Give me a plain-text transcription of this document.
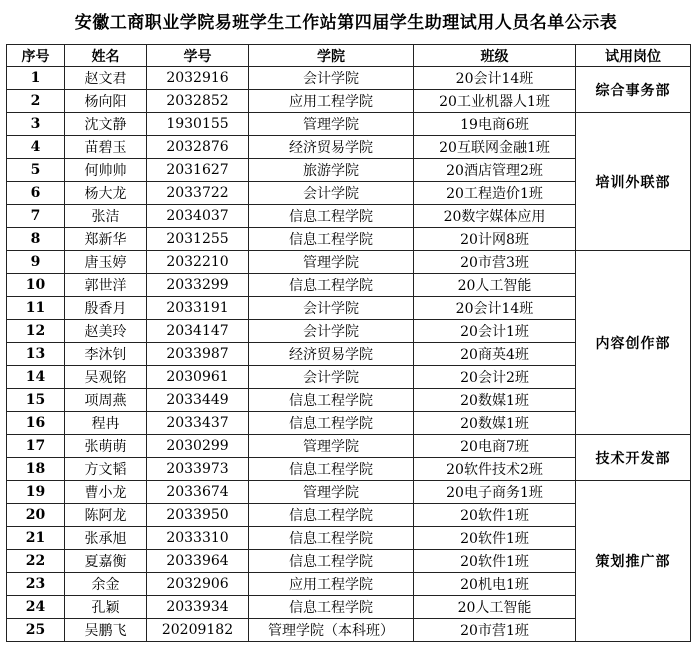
安徽工商职业学院易班学生工作站第四届学生助理试用人员名单公示表
序号	姓名	学号	学院	班级	试用岗位
1	赵文君	2032916	会计学院	20会计14班	综合事务部
2	杨向阳	2032852	应用工程学院	20工业机器人1班	
3	沈文静	1930155	管理学院	19电商6班	培训外联部
4	苗碧玉	2032876	经济贸易学院	20互联网金融1班	
5	何帅帅	2031627	旅游学院	20酒店管理2班	
6	杨大龙	2033722	会计学院	20工程造价1班	
7	张洁	2034037	信息工程学院	20数字媒体应用	
8	郑新华	2031255	信息工程学院	20计网8班	
9	唐玉婷	2032210	管理学院	20市营3班	内容创作部
10	郭世洋	2033299	信息工程学院	20人工智能	
11	殷香月	2033191	会计学院	20会计14班	
12	赵美玲	2034147	会计学院	20会计1班	
13	李沐钊	2033987	经济贸易学院	20商英4班	
14	吴观铭	2030961	会计学院	20会计2班	
15	项周燕	2033449	信息工程学院	20数媒1班	
16	程冉	2033437	信息工程学院	20数媒1班	
17	张萌萌	2030299	管理学院	20电商7班	技术开发部
18	方文韬	2033973	信息工程学院	20软件技术2班	
19	曹小龙	2033674	管理学院	20电子商务1班	策划推广部
20	陈阿龙	2033950	信息工程学院	20软件1班	
21	张承旭	2033310	信息工程学院	20软件1班	
22	夏嘉衡	2033964	信息工程学院	20软件1班	
23	余金	2032906	应用工程学院	20机电1班	
24	孔颖	2033934	信息工程学院	20人工智能	
25	吴鹏飞	20209182	管理学院（本科班）	20市营1班	
